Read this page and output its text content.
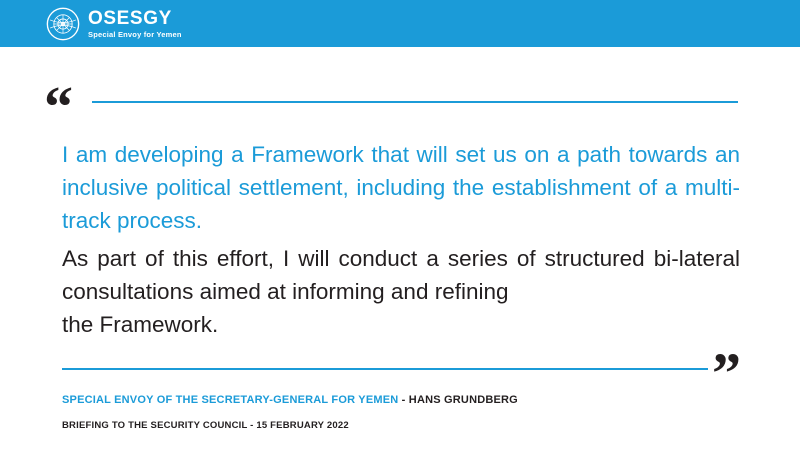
OSESGY
Special Envoy for Yemen
“

I am developing a Framework that will set us on a path towards an inclusive political settlement, including the establishment of a multi-track process.

As part of this effort, I will conduct a series of structured bi-lateral consultations aimed at informing and refining
the Framework.

”
SPECIAL ENVOY OF THE SECRETARY-GENERAL FOR YEMEN - HANS GRUNDBERG
BRIEFING TO THE SECURITY COUNCIL - 15 FEBRUARY 2022
